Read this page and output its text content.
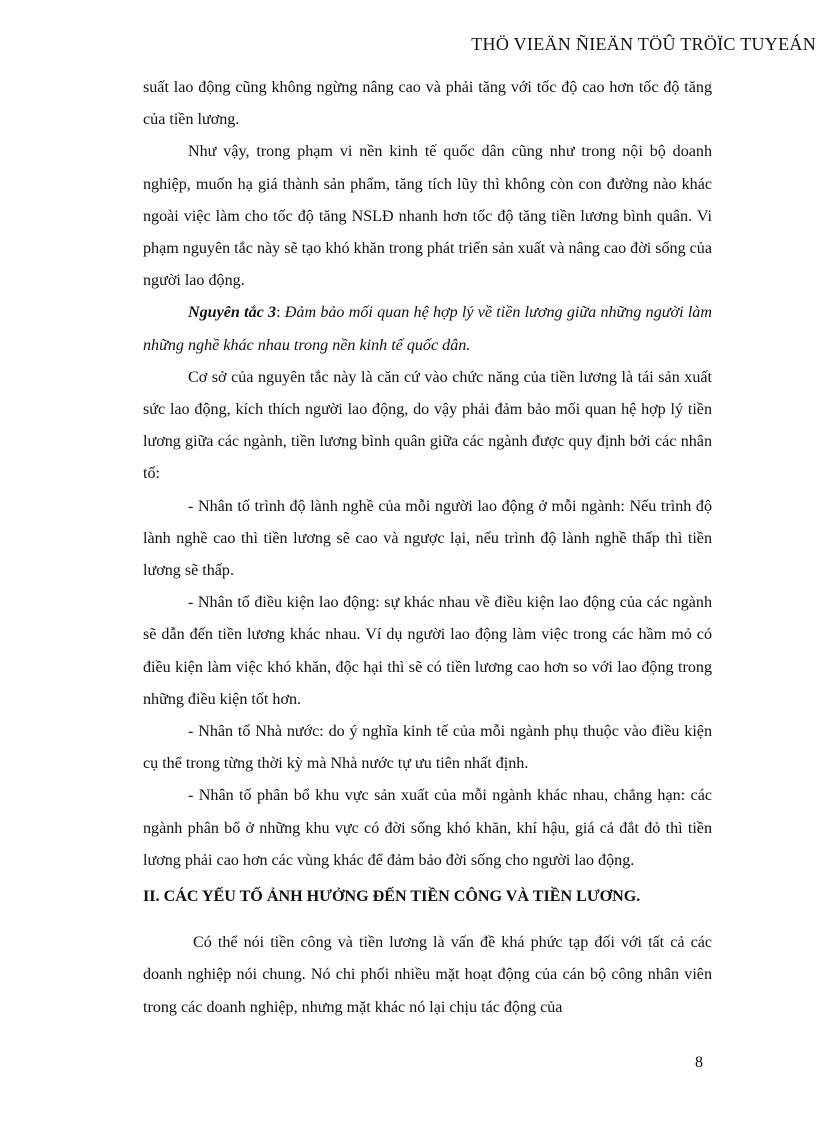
THÖ VIEÄN ÑIEÄN TÖÛ TRÖÏC TUYEÁN

suất lao động cũng không ngừng nâng cao và phải tăng với tốc độ cao hơn tốc độ tăng của tiền lương.

Như vậy, trong phạm vi nền kinh tế quốc dân cũng như trong nội bộ doanh nghiệp, muốn hạ giá thành sản phẩm, tăng tích lũy thì không còn con đường nào khác ngoài việc làm cho tốc độ tăng NSLĐ nhanh hơn tốc độ tăng tiền lương bình quân. Vi phạm nguyên tắc này sẽ tạo khó khăn trong phát triển sản xuất và nâng cao đời sống của người lao động.

Nguyên tắc 3: Đảm bảo mối quan hệ hợp lý về tiền lương giữa những người làm những nghề khác nhau trong nền kinh tế quốc dân.

Cơ sở của nguyên tắc này là căn cứ vào chức năng của tiền lương là tái sản xuất sức lao động, kích thích người lao động, do vậy phải đảm bảo mối quan hệ hợp lý tiền lương giữa các ngành, tiền lương bình quân giữa các ngành được quy định bởi các nhân tố:

- Nhân tố trình độ lành nghề của mỗi người lao động ở mỗi ngành: Nếu trình độ lành nghề cao thì tiền lương sẽ cao và ngược lại, nếu trình độ lành nghề thấp thì tiền lương sẽ thấp.

- Nhân tố điều kiện lao động: sự khác nhau về điều kiện lao động của các ngành sẽ dẫn đến tiền lương khác nhau. Ví dụ người lao động làm việc trong các hầm mỏ có điều kiện làm việc khó khăn, độc hại thì sẽ có tiền lương cao hơn so với lao động trong những điều kiện tốt hơn.

- Nhân tố Nhà nước: do ý nghĩa kinh tế của mỗi ngành phụ thuộc vào điều kiện cụ thể trong từng thời kỳ mà Nhà nước tự ưu tiên nhất định.

- Nhân tố phân bổ khu vực sản xuất của mỗi ngành khác nhau, chẳng hạn: các ngành phân bổ ở những khu vực có đời sống khó khăn, khí hậu, giá cả đắt đỏ thì tiền lương phải cao hơn các vùng khác để đảm bảo đời sống cho người lao động.

II. CÁC YẾU TỐ ẢNH HƯỞNG ĐẾN TIỀN CÔNG VÀ TIỀN LƯƠNG.

Có thể nói tiền công và tiền lương là vấn đề khá phức tạp đối với tất cả các doanh nghiệp nói chung. Nó chi phối nhiều mặt hoạt động của cán bộ công nhân viên trong các doanh nghiệp, nhưng mặt khác nó lại chịu tác động của

8
